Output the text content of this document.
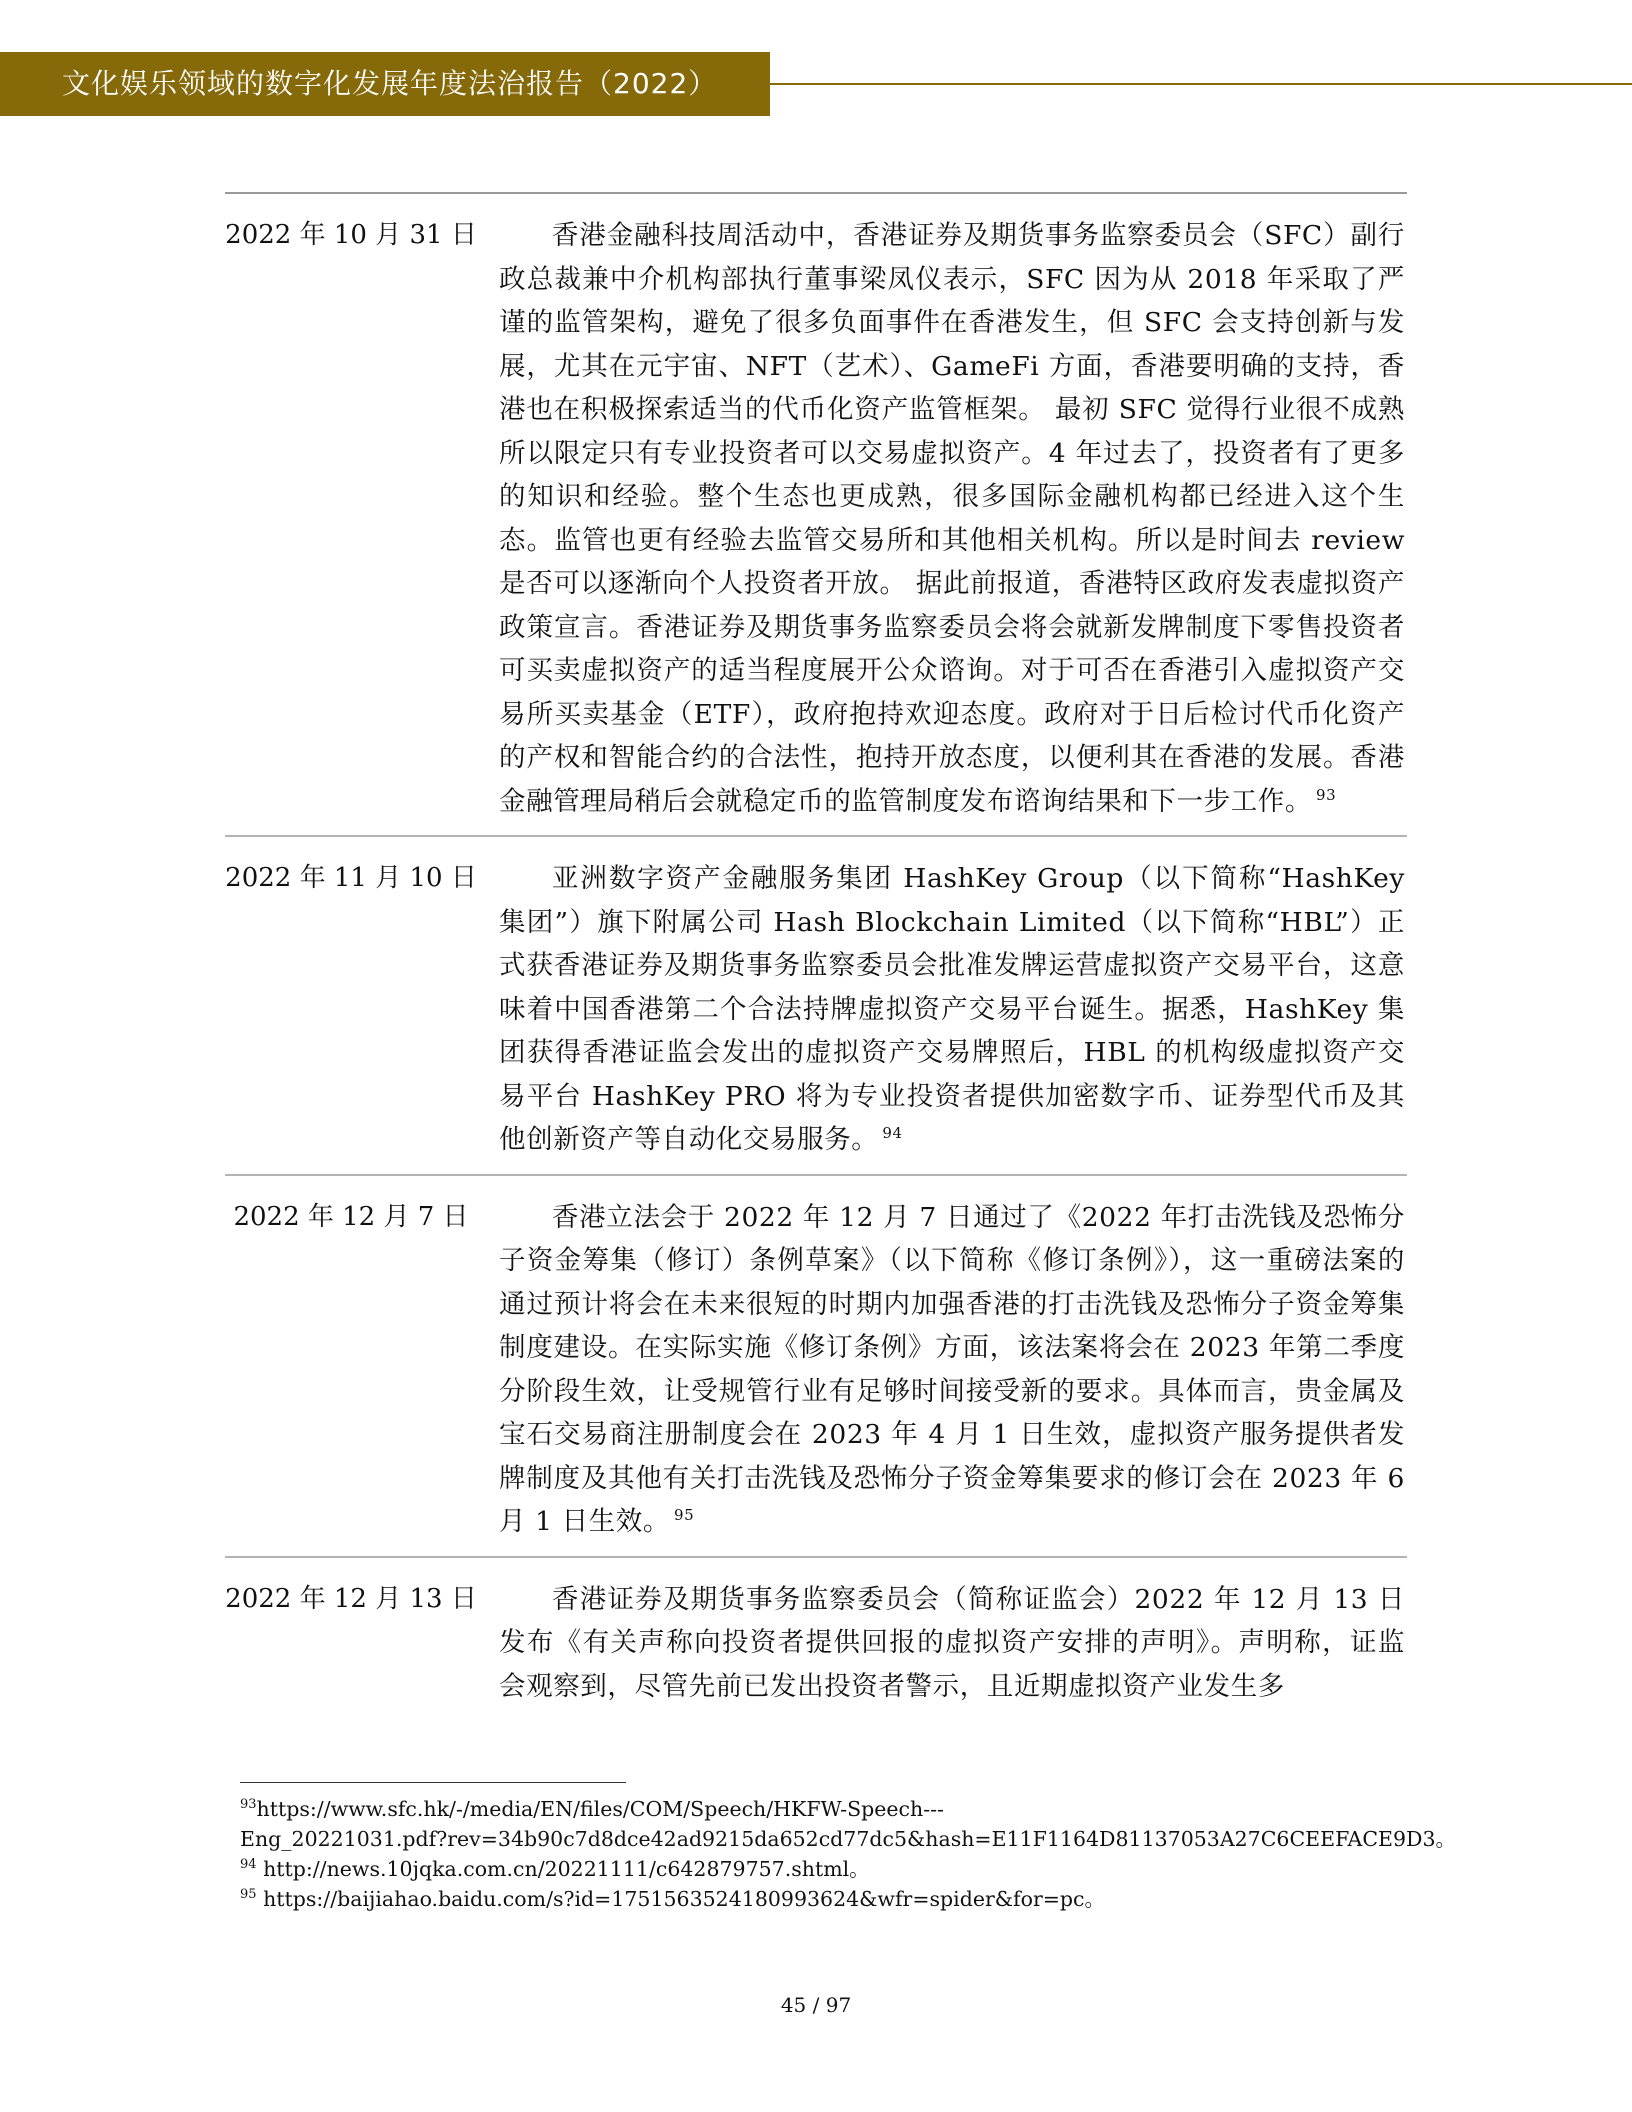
文化娱乐领域的数字化发展年度法治报告（2022）
2022 年 10 月 31 日	香港金融科技周活动中，香港证券及期货事务监察委员会（SFC）副行政总裁兼中介机构部执行董事梁凤仪表示，SFC 因为从 2018 年采取了严谨的监管架构，避免了很多负面事件在香港发生，但 SFC 会支持创新与发展，尤其在元宇宙、NFT（艺术）、GameFi 方面，香港要明确的支持，香港也在积极探索适当的代币化资产监管框架。 最初 SFC 觉得行业很不成熟所以限定只有专业投资者可以交易虚拟资产。4 年过去了，投资者有了更多的知识和经验。整个生态也更成熟，很多国际金融机构都已经进入这个生态。监管也更有经验去监管交易所和其他相关机构。所以是时间去 review 是否可以逐渐向个人投资者开放。 据此前报道，香港特区政府发表虚拟资产政策宣言。香港证券及期货事务监察委员会将会就新发牌制度下零售投资者可买卖虚拟资产的适当程度展开公众谘询。对于可否在香港引入虚拟资产交易所买卖基金（ETF），政府抱持欢迎态度。政府对于日后检讨代币化资产的产权和智能合约的合法性，抱持开放态度，以便利其在香港的发展。香港金融管理局稍后会就稳定币的监管制度发布谘询结果和下一步工作。 $^{93}$
2022 年 11 月 10 日	亚洲数字资产金融服务集团 HashKey Group（以下简称“HashKey 集团”）旗下附属公司 Hash Blockchain Limited（以下简称“HBL”）正式获香港证券及期货事务监察委员会批准发牌运营虚拟资产交易平台，这意味着中国香港第二个合法持牌虚拟资产交易平台诞生。据悉，HashKey 集团获得香港证监会发出的虚拟资产交易牌照后，HBL 的机构级虚拟资产交易平台 HashKey PRO 将为专业投资者提供加密数字币、证券型代币及其他创新资产等自动化交易服务。 $^{94}$
2022 年 12 月 7 日	香港立法会于 2022 年 12 月 7 日通过了《2022 年打击洗钱及恐怖分子资金筹集（修订）条例草案》（以下简称《修订条例》），这一重磅法案的通过预计将会在未来很短的时期内加强香港的打击洗钱及恐怖分子资金筹集制度建设。在实际实施《修订条例》方面，该法案将会在 2023 年第二季度分阶段生效，让受规管行业有足够时间接受新的要求。具体而言，贵金属及宝石交易商注册制度会在 2023 年 4 月 1 日生效，虚拟资产服务提供者发牌制度及其他有关打击洗钱及恐怖分子资金筹集要求的修订会在 2023 年 6 月 1 日生效。 $^{95}$
2022 年 12 月 13 日	香港证券及期货事务监察委员会（简称证监会）2022 年 12 月 13 日发布《有关声称向投资者提供回报的虚拟资产安排的声明》。声明称，证监会观察到，尽管先前已发出投资者警示，且近期虚拟资产业发生多
$^{93}$https://www.sfc.hk/-/media/EN/files/COM/Speech/HKFW-Speech---
Eng_20221031.pdf?rev=34b90c7d8dce42ad9215da652cd77dc5&hash=E11F1164D81137053A27C6CEEFACE9D3。
$^{94}$ http://news.10jqka.com.cn/20221111/c642879757.shtml。
$^{95}$ https://baijiahao.baidu.com/s?id=1751563524180993624&wfr=spider&for=pc。
45 / 97
